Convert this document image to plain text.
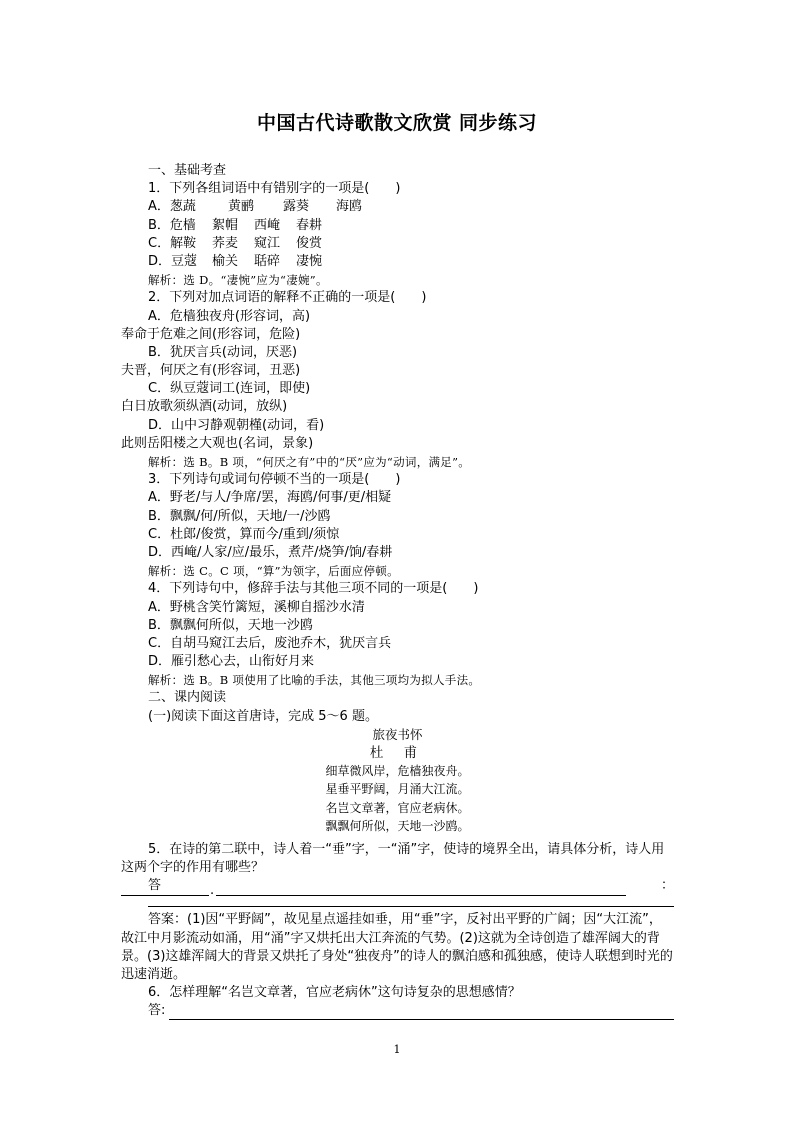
中国古代诗歌散文欣赏 同步练习
一、基础考查
1．下列各组词语中有错别字的一项是(　　)
A．葱蔬 黄鹂 露葵 海鸥
B．危樯 絮帽 西崦 春耕
C．解鞍 荞麦 窥江 俊赏
D．豆蔻 榆关 聒碎 凄惋
解析：选 D。“凄惋”应为“凄婉”。
2．下列对加点词语的解释不正确的一项是(　　)
A．危樯独夜舟(形容词，高)
奉命于危难之间(形容词，危险)
B．犹厌言兵(动词，厌恶)
夫晋，何厌之有(形容词，丑恶)
C．纵豆蔻词工(连词，即使)
白日放歌须纵酒(动词，放纵)
D．山中习静观朝槿(动词，看)
此则岳阳楼之大观也(名词，景象)
解析：选 B。B 项，“何厌之有”中的“厌”应为“动词，满足”。
3．下列诗句或词句停顿不当的一项是(　　)
A．野老/与人/争席/罢，海鸥/何事/更/相疑
B．飘飘/何/所似，天地/一/沙鸥
C．杜郎/俊赏，算而今/重到/须惊
D．西崦/人家/应/最乐，煮芹/烧笋/饷/春耕
解析：选 C。C 项，“算”为领字，后面应停顿。
4．下列诗句中，修辞手法与其他三项不同的一项是(　　)
A．野桃含笑竹篱短，溪柳自摇沙水清
B．飘飘何所似，天地一沙鸥
C．自胡马窥江去后，废池乔木，犹厌言兵
D．雁引愁心去，山衔好月来
解析：选 B。B 项使用了比喻的手法，其他三项均为拟人手法。
二、课内阅读
(一)阅读下面这首唐诗，完成 5～6 题。
旅夜书怀
杜 甫
细草微风岸，危樯独夜舟。
星垂平野阔，月涌大江流。
名岂文章著，官应老病休。
飘飘何所似，天地一沙鸥。
5．在诗的第二联中，诗人着一“垂”字，一“涌”字，使诗的境界全出，请具体分析，诗人用这两个字的作用有哪些？
答	：
.
答案：(1)因“平野阔”，故见星点遥挂如垂，用“垂”字，反衬出平野的广阔；因“大江流”，故江中月影流动如涌，用“涌”字又烘托出大江奔流的气势。(2)这就为全诗创造了雄浑阔大的背景。(3)这雄浑阔大的背景又烘托了身处“独夜舟”的诗人的飘泊感和孤独感，使诗人联想到时光的迅速消逝。
6．怎样理解“名岂文章著，官应老病休”这句诗复杂的思想感情？
答:
1
